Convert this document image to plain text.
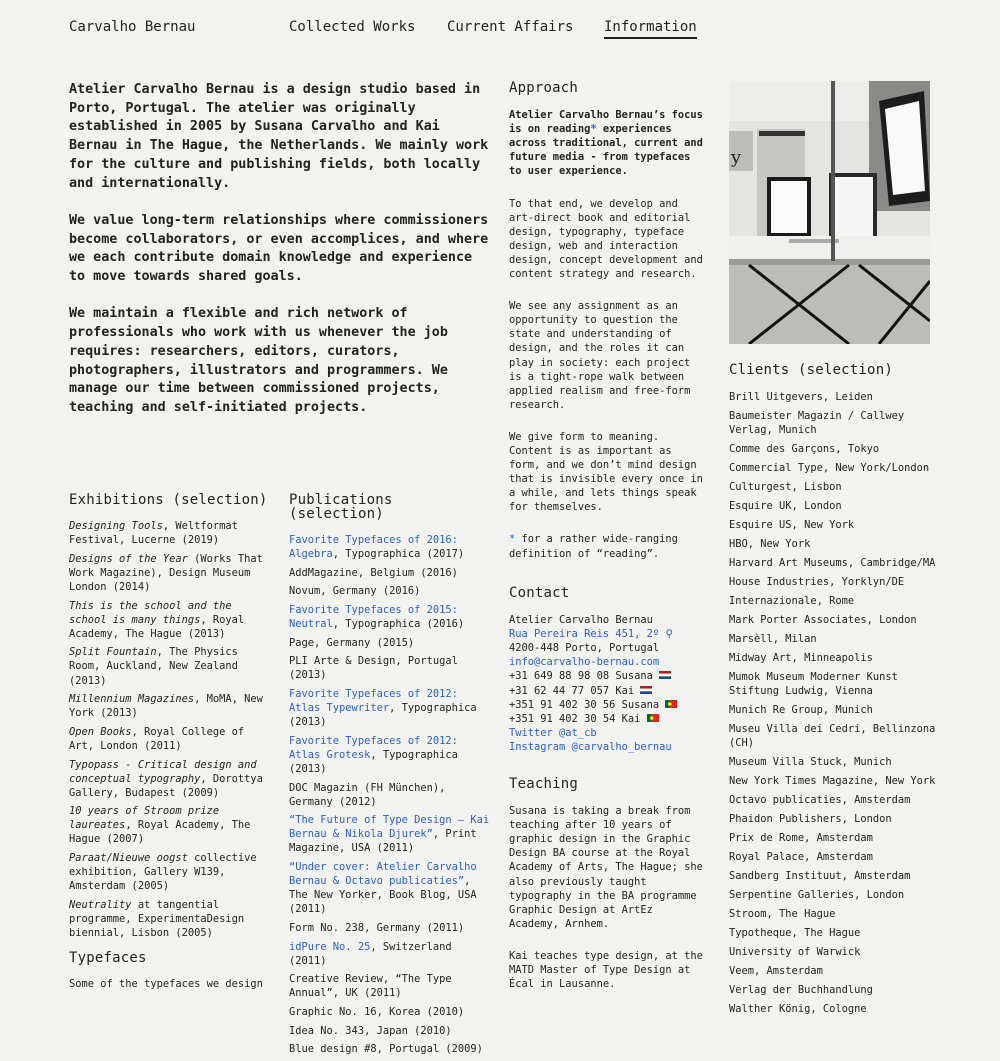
Carvalho Bernau	Collected Works Current Affairs Information

Atelier Carvalho Bernau is a design studio based in Porto, Portugal. The atelier was originally established in 2005 by Susana Carvalho and Kai Bernau in The Hague, the Netherlands. We mainly work for the culture and publishing fields, both locally and internationally.

We value long-term relationships where commissioners become collaborators, or even accomplices, and where we each contribute domain knowledge and experience to move towards shared goals.

We maintain a flexible and rich network of professionals who work with us whenever the job requires: researchers, editors, curators, photographers, illustrators and programmers. We manage our time between commissioned projects, teaching and self-initiated projects.

Approach

Atelier Carvalho Bernau’s focus is on reading* experiences across traditional, current and future media - from typefaces to user experience.

To that end, we develop and art-direct book and editorial design, typography, typeface design, web and interaction design, concept development and content strategy and research.

We see any assignment as an opportunity to question the state and understanding of design, and the roles it can play in society: each project is a tight-rope walk between applied realism and free-form research.

We give form to meaning. Content is as important as form, and we don’t mind design that is invisible every once in a while, and lets things speak for themselves.

* for a rather wide-ranging definition of “reading”.

Contact
Atelier Carvalho Bernau
Rua Pereira Reis 451, 2º ⚲
4200-448 Porto, Portugal
info@carvalho-bernau.com
+31 649 88 98 08 Susana
+31 62 44 77 057 Kai
+351 91 402 30 56 Susana
+351 91 402 30 54 Kai
Twitter @at_cb
Instagram @carvalho_bernau
Teaching

Susana is taking a break from teaching after 10 years of graphic design in the Graphic Design BA course at the Royal Academy of Arts, The Hague; she also previously taught typography in the BA programme Graphic Design at ArtEz Academy, Arnhem.

Kai teaches type design, at the MATD Master of Type Design at Écal in Lausanne.

y
Clients (selection)
Brill Uitgevers, Leiden
Baumeister Magazin / Callwey Verlag, Munich
Comme des Garçons, Tokyo
Commercial Type, New York/London
Culturgest, Lisbon
Esquire UK, London
Esquire US, New York
HBO, New York
Harvard Art Museums, Cambridge/MA
House Industries, Yorklyn/DE
Internazionale, Rome
Mark Porter Associates, London
Marsèll, Milan
Midway Art, Minneapolis
Mumok Museum Moderner Kunst Stiftung Ludwig, Vienna
Munich Re Group, Munich
Museu Villa dei Cedri, Bellinzona (CH)
Museum Villa Stuck, Munich
New York Times Magazine, New York
Octavo publicaties, Amsterdam
Phaidon Publishers, London
Prix de Rome, Amsterdam
Royal Palace, Amsterdam
Sandberg Instituut, Amsterdam
Serpentine Galleries, London
Stroom, The Hague
Typotheque, The Hague
University of Warwick
Veem, Amsterdam
Verlag der Buchhandlung
Walther König, Cologne
Exhibitions (selection)
Designing Tools, Weltformat Festival, Lucerne (2019)
Designs of the Year (Works That Work Magazine), Design Museum London (2014)
This is the school and the school is many things, Royal Academy, The Hague (2013)
Split Fountain, The Physics Room, Auckland, New Zealand (2013)
Millennium Magazines, MoMA, New York (2013)
Open Books, Royal College of Art, London (2011)
Typopass - Critical design and conceptual typography, Dorottya Gallery, Budapest (2009)
10 years of Stroom prize laureates, Royal Academy, The Hague (2007)
Paraat/Nieuwe oogst collective exhibition, Gallery W139, Amsterdam (2005)
Neutrality at tangential programme, ExperimentaDesign biennial, Lisbon (2005)
Typefaces
Some of the typefaces we design
Publications (selection)
Favorite Typefaces of 2016: Algebra, Typographica (2017)
AddMagazine, Belgium (2016)
Novum, Germany (2016)
Favorite Typefaces of 2015: Neutral, Typographica (2016)
Page, Germany (2015)
PLI Arte & Design, Portugal (2013)
Favorite Typefaces of 2012: Atlas Typewriter, Typographica (2013)
Favorite Typefaces of 2012: Atlas Grotesk, Typographica (2013)
DOC Magazin (FH München), Germany (2012)
“The Future of Type Design — Kai Bernau & Nikola Djurek”, Print Magazine, USA (2011)
“Under cover: Atelier Carvalho Bernau & Octavo publicaties”, The New Yorker, Book Blog, USA (2011)
Form No. 238, Germany (2011)
idPure No. 25, Switzerland (2011)
Creative Review, “The Type Annual”, UK (2011)
Graphic No. 16, Korea (2010)
Idea No. 343, Japan (2010)
Blue design #8, Portugal (2009)
